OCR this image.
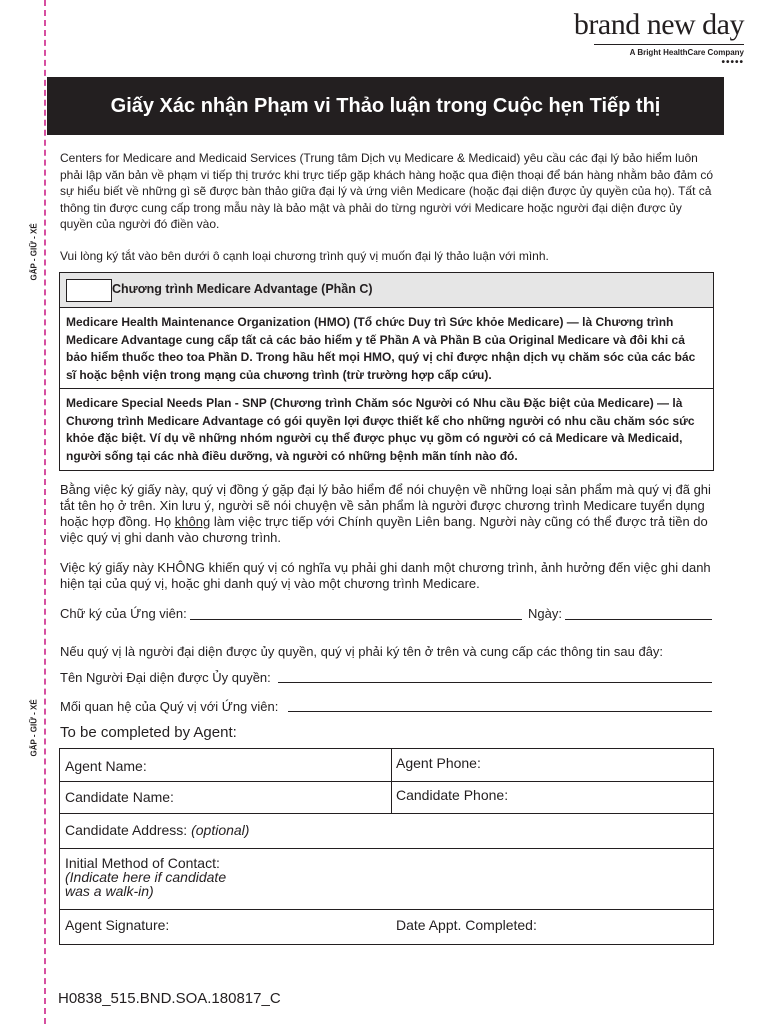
GẤP - GIỮ - XÉ
GẤP - GIỮ - XÉ
brand new day
A Bright HealthCare Company
•••••
Giấy Xác nhận Phạm vi Thảo luận trong Cuộc hẹn Tiếp thị
Centers for Medicare and Medicaid Services (Trung tâm Dịch vụ Medicare & Medicaid) yêu cầu các đại lý bảo hiểm luôn phải lập văn bản về phạm vi tiếp thị trước khi trực tiếp gặp khách hàng hoặc qua điện thoại để bán hàng nhằm bảo đảm có sự hiểu biết về những gì sẽ được bàn thảo giữa đại lý và ứng viên Medicare (hoặc đại diện được ủy quyền của họ). Tất cả thông tin được cung cấp trong mẫu này là bảo mật và phải do từng người với Medicare hoặc người đại diện được ủy quyền của người đó điền vào.
Vui lòng ký tắt vào bên dưới ô cạnh loại chương trình quý vị muốn đại lý thảo luận với mình.
Chương trình Medicare Advantage (Phần C)
Medicare Health Maintenance Organization (HMO) (Tổ chức Duy trì Sức khỏe Medicare) — là Chương trình Medicare Advantage cung cấp tất cả các bảo hiểm y tế Phần A và Phần B của Original Medicare và đôi khi cả bảo hiểm thuốc theo toa Phần D. Trong hầu hết mọi HMO, quý vị chỉ được nhận dịch vụ chăm sóc của các bác sĩ hoặc bệnh viện trong mạng của chương trình (trừ trường hợp cấp cứu).
Medicare Special Needs Plan - SNP (Chương trình Chăm sóc Người có Nhu cầu Đặc biệt của Medicare) — là Chương trình Medicare Advantage có gói quyền lợi được thiết kế cho những người có nhu cầu chăm sóc sức khỏe đặc biệt. Ví dụ về những nhóm người cụ thể được phục vụ gồm có người có cả Medicare và Medicaid, người sống tại các nhà điều dưỡng, và người có những bệnh mãn tính nào đó.
Bằng việc ký giấy này, quý vị đồng ý gặp đại lý bảo hiểm để nói chuyện về những loại sản phẩm mà quý vị đã ghi tắt tên họ ở trên. Xin lưu ý, người sẽ nói chuyện về sản phẩm là người được chương trình Medicare tuyển dụng hoặc hợp đồng. Họ không làm việc trực tiếp với Chính quyền Liên bang. Người này cũng có thể được trả tiền do việc quý vị ghi danh vào chương trình.
Việc ký giấy này KHÔNG khiến quý vị có nghĩa vụ phải ghi danh một chương trình, ảnh hưởng đến việc ghi danh hiện tại của quý vị, hoặc ghi danh quý vị vào một chương trình Medicare.
Chữ ký của Ứng viên:	Ngày:
Nếu quý vị là người đại diện được ủy quyền, quý vị phải ký tên ở trên và cung cấp các thông tin sau đây:
Tên Người Đại diện được Ủy quyền:
Mối quan hệ của Quý vị với Ứng viên:
To be completed by Agent:
Agent Name:	Agent Phone:
Candidate Name:	Candidate Phone:
Candidate Address: (optional)
Initial Method of Contact:
(Indicate here if candidate
was a walk-in)
Agent Signature:	Date Appt. Completed:
H0838_515.BND.SOA.180817_C
